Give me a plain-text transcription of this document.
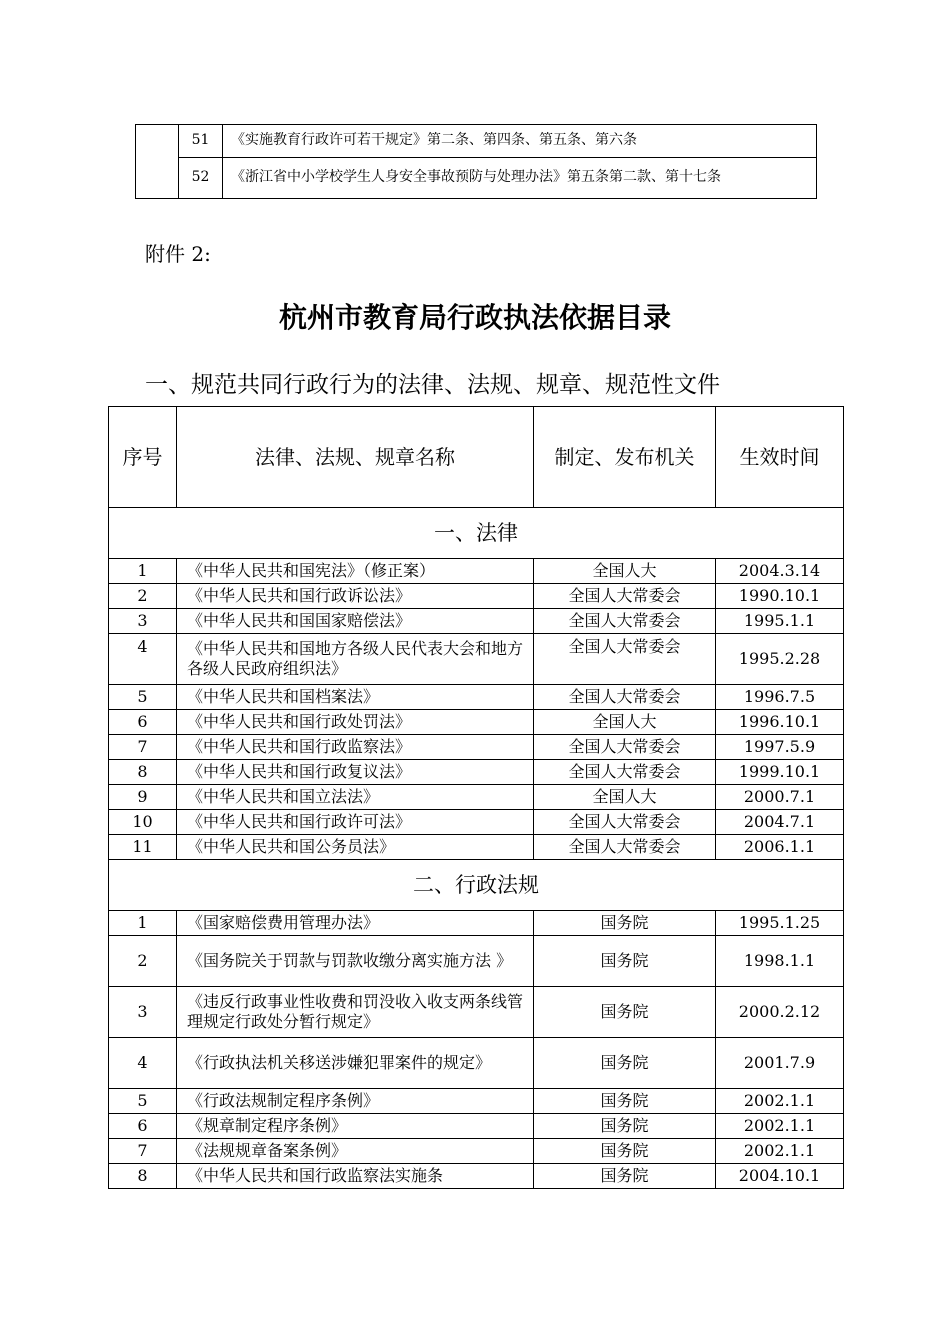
	51	《实施教育行政许可若干规定》第二条、第四条、第五条、第六条
	52	《浙江省中小学校学生人身安全事故预防与处理办法》第五条第二款、第十七条
附件 2:
杭州市教育局行政执法依据目录
一、规范共同行政行为的法律、法规、规章、规范性文件
序号	法律、法规、规章名称	制定、发布机关	生效时间
一、法律			
1	《中华人民共和国宪法》（修正案）	全国人大	2004.3.14
2	《中华人民共和国行政诉讼法》	全国人大常委会	1990.10.1
3	《中华人民共和国国家赔偿法》	全国人大常委会	1995.1.1
4	《中华人民共和国地方各级人民代表大会和地方各级人民政府组织法》	全国人大常委会	1995.2.28
5	《中华人民共和国档案法》	全国人大常委会	1996.7.5
6	《中华人民共和国行政处罚法》	全国人大	1996.10.1
7	《中华人民共和国行政监察法》	全国人大常委会	1997.5.9
8	《中华人民共和国行政复议法》	全国人大常委会	1999.10.1
9	《中华人民共和国立法法》	全国人大	2000.7.1
10	《中华人民共和国行政许可法》	全国人大常委会	2004.7.1
11	《中华人民共和国公务员法》	全国人大常委会	2006.1.1
二、行政法规			
1	《国家赔偿费用管理办法》	国务院	1995.1.25
2	《国务院关于罚款与罚款收缴分离实施方法 》	国务院	1998.1.1
3	《违反行政事业性收费和罚没收入收支两条线管理规定行政处分暂行规定》	国务院	2000.2.12
4	《行政执法机关移送涉嫌犯罪案件的规定》	国务院	2001.7.9
5	《行政法规制定程序条例》	国务院	2002.1.1
6	《规章制定程序条例》	国务院	2002.1.1
7	《法规规章备案条例》	国务院	2002.1.1
8	《中华人民共和国行政监察法实施条	国务院	2004.10.1
